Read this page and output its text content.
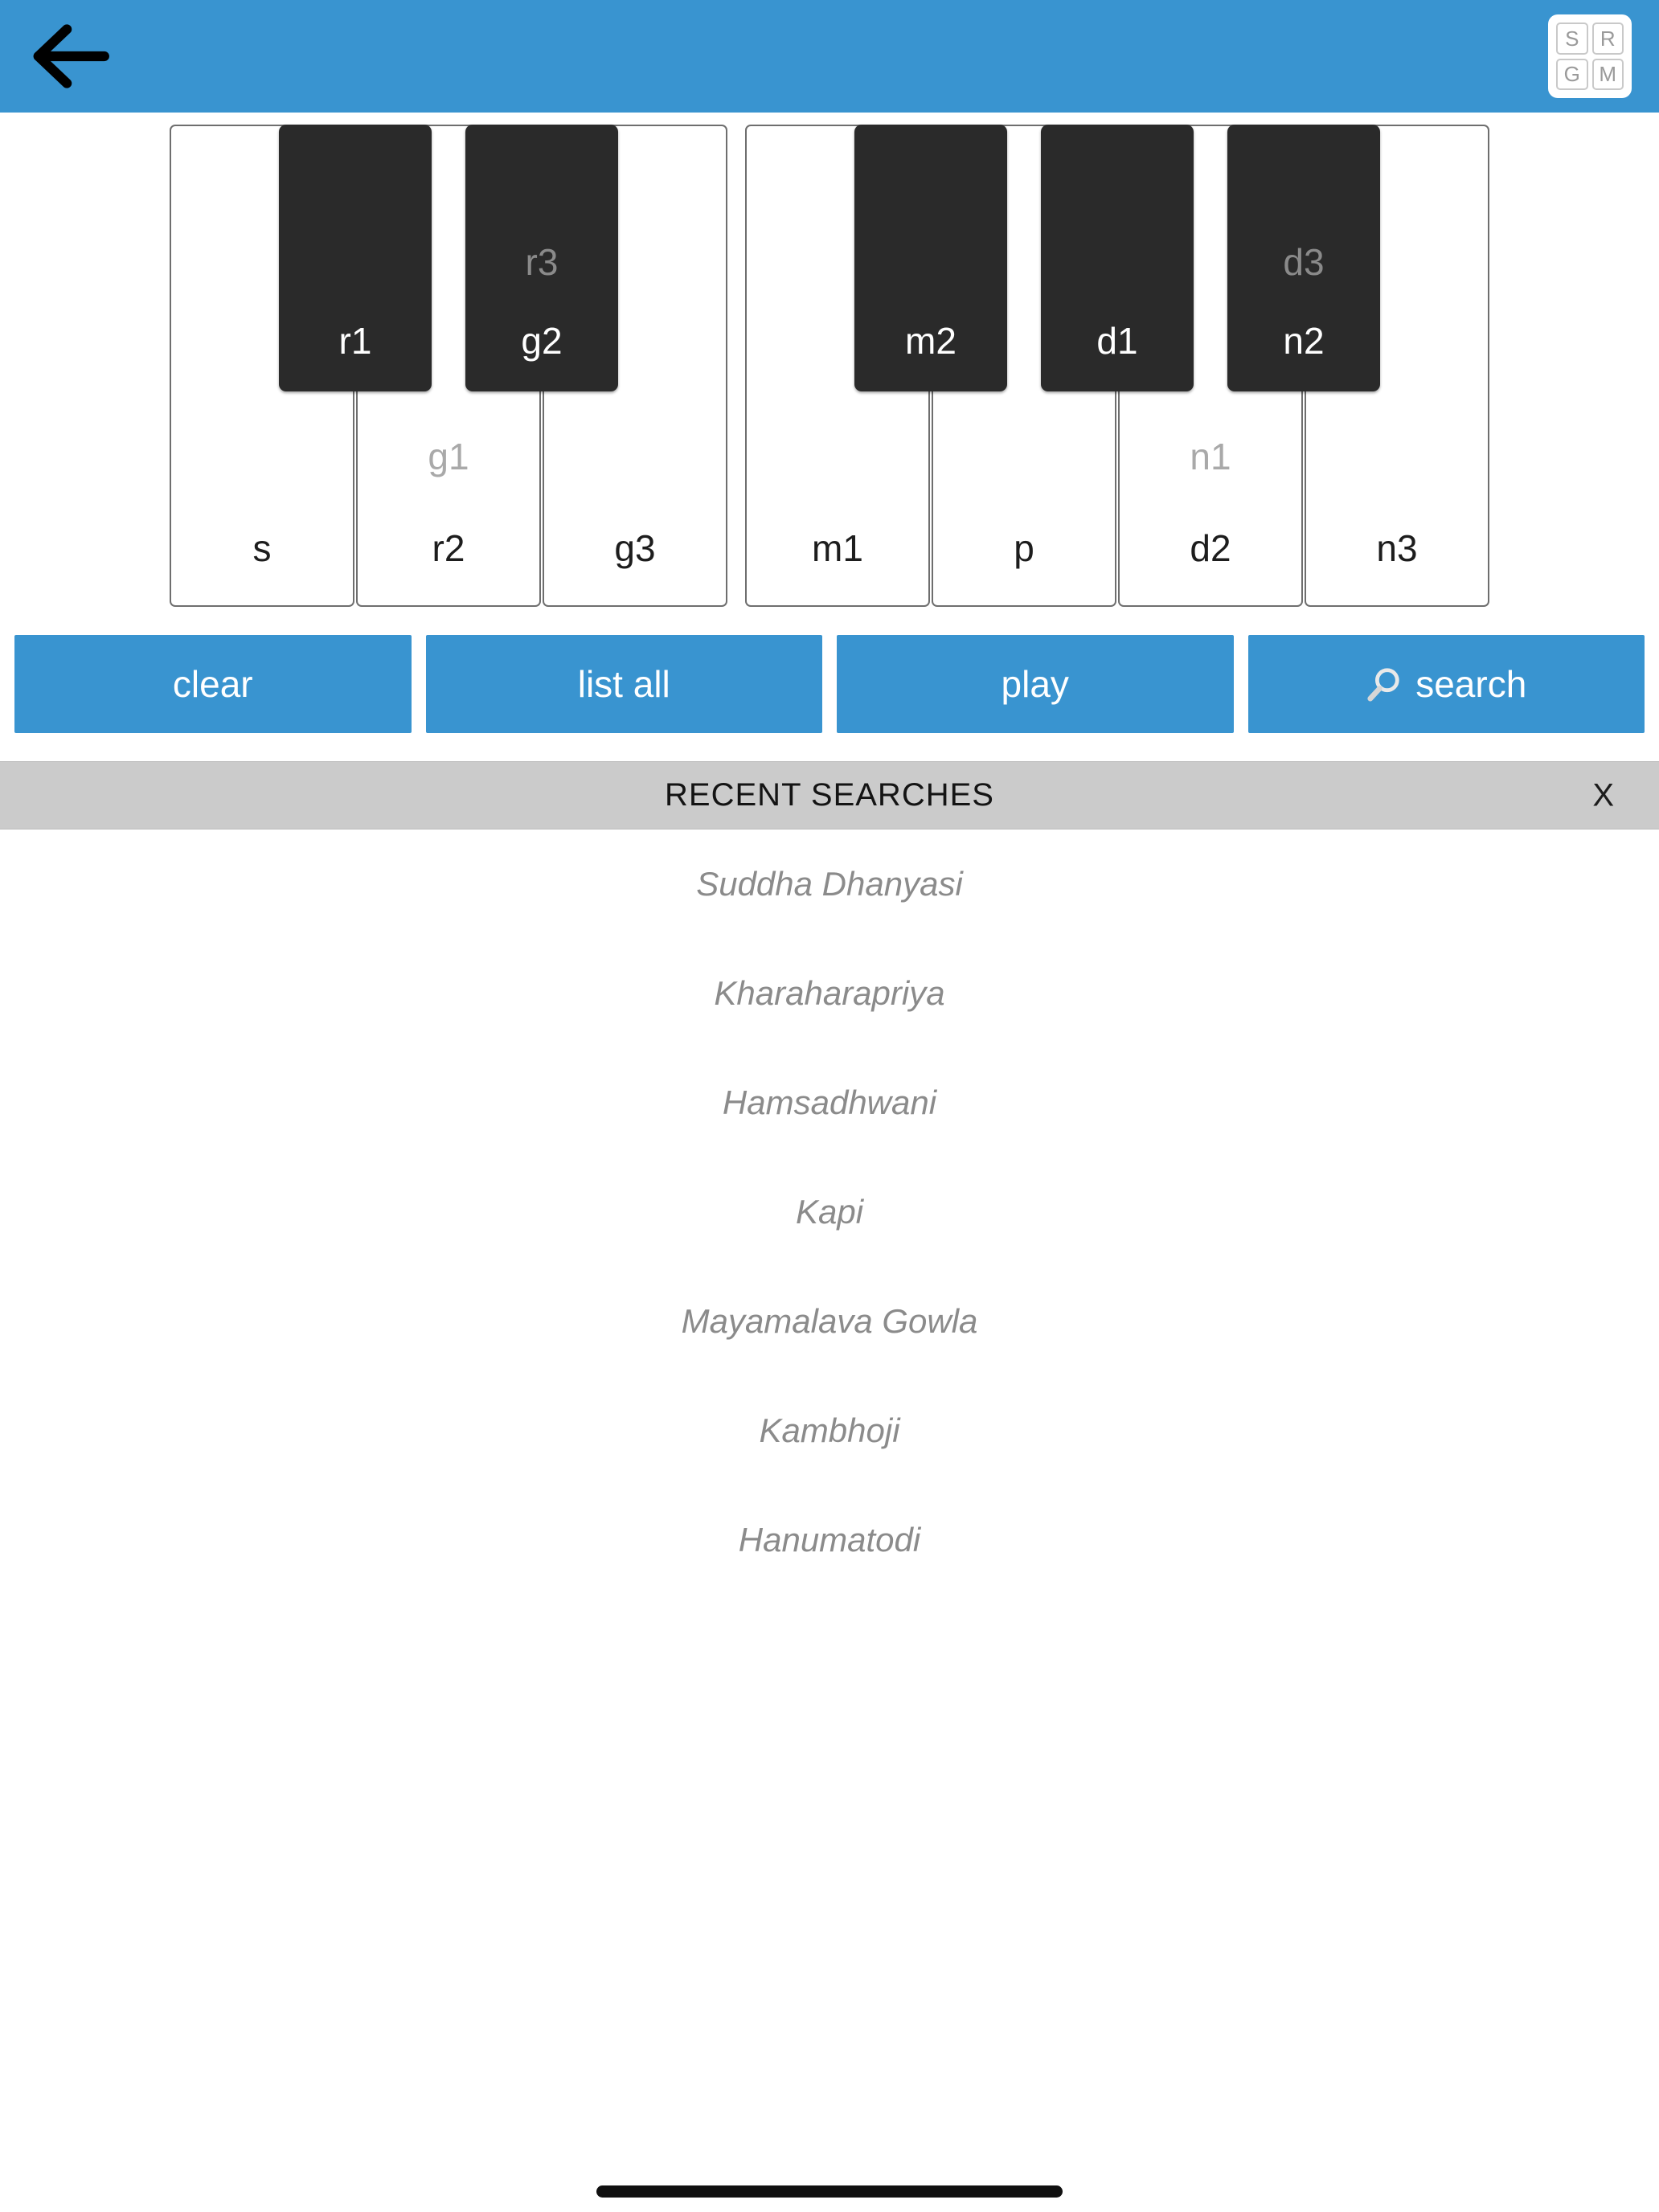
S	R
G M
s
g1
r2	g3
r1
r3
g2
m1	p
n1
d2	n3
m2	d1
d3
n2
clear	list all	play	search
RECENT SEARCHES	X
Suddha Dhanyasi
Kharaharapriya
Hamsadhwani
Kapi
Mayamalava Gowla
Kambhoji
Hanumatodi
